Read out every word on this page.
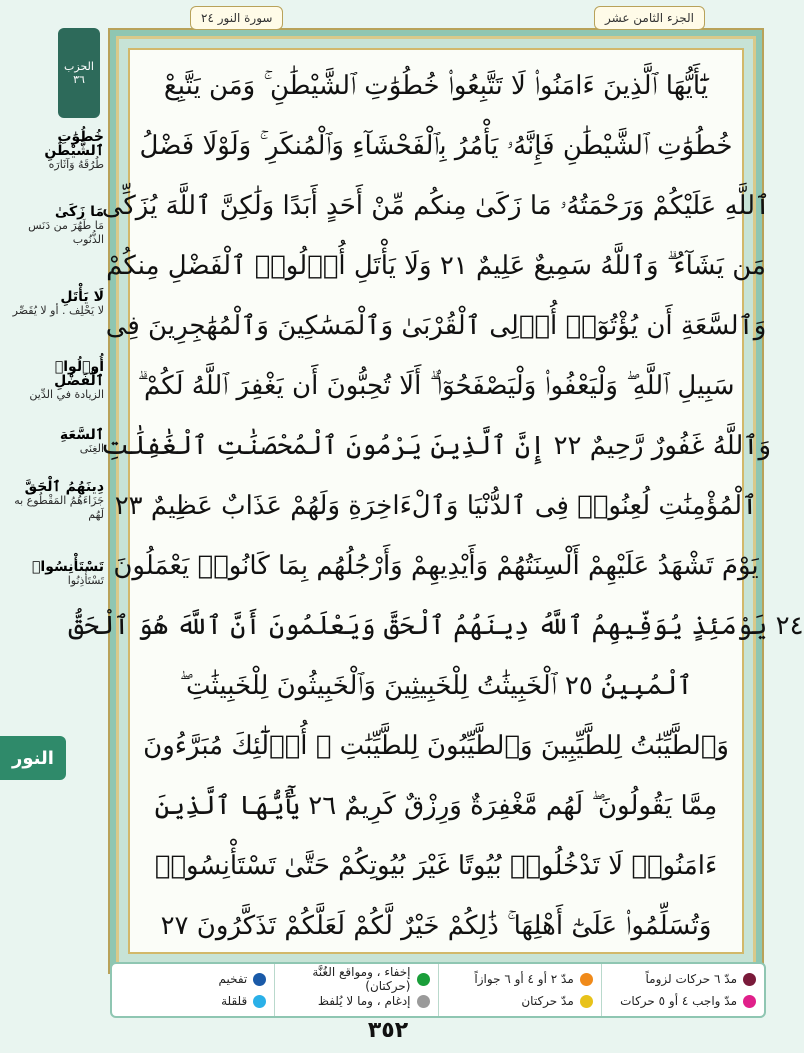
يَٰٓأَيُّهَا ٱلَّذِينَ ءَامَنُوا۟ لَا تَتَّبِعُوا۟ خُطُوَٰتِ ٱلشَّيْطَٰنِ ۚ وَمَن يَتَّبِعْ
خُطُوَٰتِ ٱلشَّيْطَٰنِ فَإِنَّهُۥ يَأْمُرُ بِٱلْفَحْشَآءِ وَٱلْمُنكَرِ ۚ وَلَوْلَا فَضْلُ
ٱللَّهِ عَلَيْكُمْ وَرَحْمَتُهُۥ مَا زَكَىٰ مِنكُم مِّنْ أَحَدٍ أَبَدًا وَلَٰكِنَّ ٱللَّهَ يُزَكِّى
مَن يَشَآءُ ۗ وَٱللَّهُ سَمِيعٌ عَلِيمٌ ٢١ وَلَا يَأْتَلِ أُو۟لُوا۟ ٱلْفَضْلِ مِنكُمْ
وَٱلسَّعَةِ أَن يُؤْتُوٓا۟ أُو۟لِى ٱلْقُرْبَىٰ وَٱلْمَسَٰكِينَ وَٱلْمُهَٰجِرِينَ فِى
سَبِيلِ ٱللَّهِ ۖ وَلْيَعْفُوا۟ وَلْيَصْفَحُوٓا۟ ۗ أَلَا تُحِبُّونَ أَن يَغْفِرَ ٱللَّهُ لَكُمْ ۗ
وَٱللَّهُ غَفُورٌ رَّحِيمٌ ٢٢ إِنَّ ٱلَّذِينَ يَرْمُونَ ٱلْمُحْصَنَٰتِ ٱلْغَٰفِلَٰتِ
ٱلْمُؤْمِنَٰتِ لُعِنُوا۟ فِى ٱلدُّنْيَا وَٱلْءَاخِرَةِ وَلَهُمْ عَذَابٌ عَظِيمٌ ٢٣
يَوْمَ تَشْهَدُ عَلَيْهِمْ أَلْسِنَتُهُمْ وَأَيْدِيهِمْ وَأَرْجُلُهُم بِمَا كَانُوا۟ يَعْمَلُونَ
٢٤ يَوْمَئِذٍ يُوَفِّيهِمُ ٱللَّهُ دِينَهُمُ ٱلْحَقَّ وَيَعْلَمُونَ أَنَّ ٱللَّهَ هُوَ ٱلْحَقُّ
ٱلْمُبِينُ ٢٥ ٱلْخَبِيثَٰتُ لِلْخَبِيثِينَ وَٱلْخَبِيثُونَ لِلْخَبِيثَٰتِ ۖ
وَٱلطَّيِّبَٰتُ لِلطَّيِّبِينَ وَٱلطَّيِّبُونَ لِلطَّيِّبَٰتِ ۚ أُو۟لَٰٓئِكَ مُبَرَّءُونَ
مِمَّا يَقُولُونَ ۖ لَهُم مَّغْفِرَةٌ وَرِزْقٌ كَرِيمٌ ٢٦ يَٰٓأَيُّهَا ٱلَّذِينَ
ءَامَنُوا۟ لَا تَدْخُلُوا۟ بُيُوتًا غَيْرَ بُيُوتِكُمْ حَتَّىٰ تَسْتَأْنِسُوا۟
وَتُسَلِّمُوا۟ عَلَىٰٓ أَهْلِهَا ۚ ذَٰلِكُمْ خَيْرٌ لَّكُمْ لَعَلَّكُمْ تَذَكَّرُونَ ٢٧
سورة النور ٢٤	الجزء الثامن عشر
الحزب
٣٦
خُطُوَٰتِ ٱلشَّيْطَٰنِ
طُرُقَهُ وَآثَارَه
مَا زَكَىٰ
مَا طَهُرَ من دَنَس الذُّنُوب
لَا يَأْتَلِ
لا يَحْلِف . أو لا يُقَصِّر
أُو۟لُوا۟ ٱلْفَضْلِ
الزيادة في الدِّين
ٱلسَّعَةِ
الغِنَى
دِينَهُمُ ٱلْحَقَّ
جَزَاءَهُمُ المَقْطُوع به لَهُم
تَسْتَأْنِسُوا۟
تَسْتَأْذِنُوا
النور
مدّ ٦ حركات لزوماً
مدّ واجب ٤ أو ٥ حركات
مدّ ٢ أو ٤ أو ٦ جوازاً
مدّ حركتان
إخفاء ، ومواقع الغُنَّة (حركتان)
إدغام ، وما لا يُلفظ
تفخيم
قلقلة
٣٥٢
